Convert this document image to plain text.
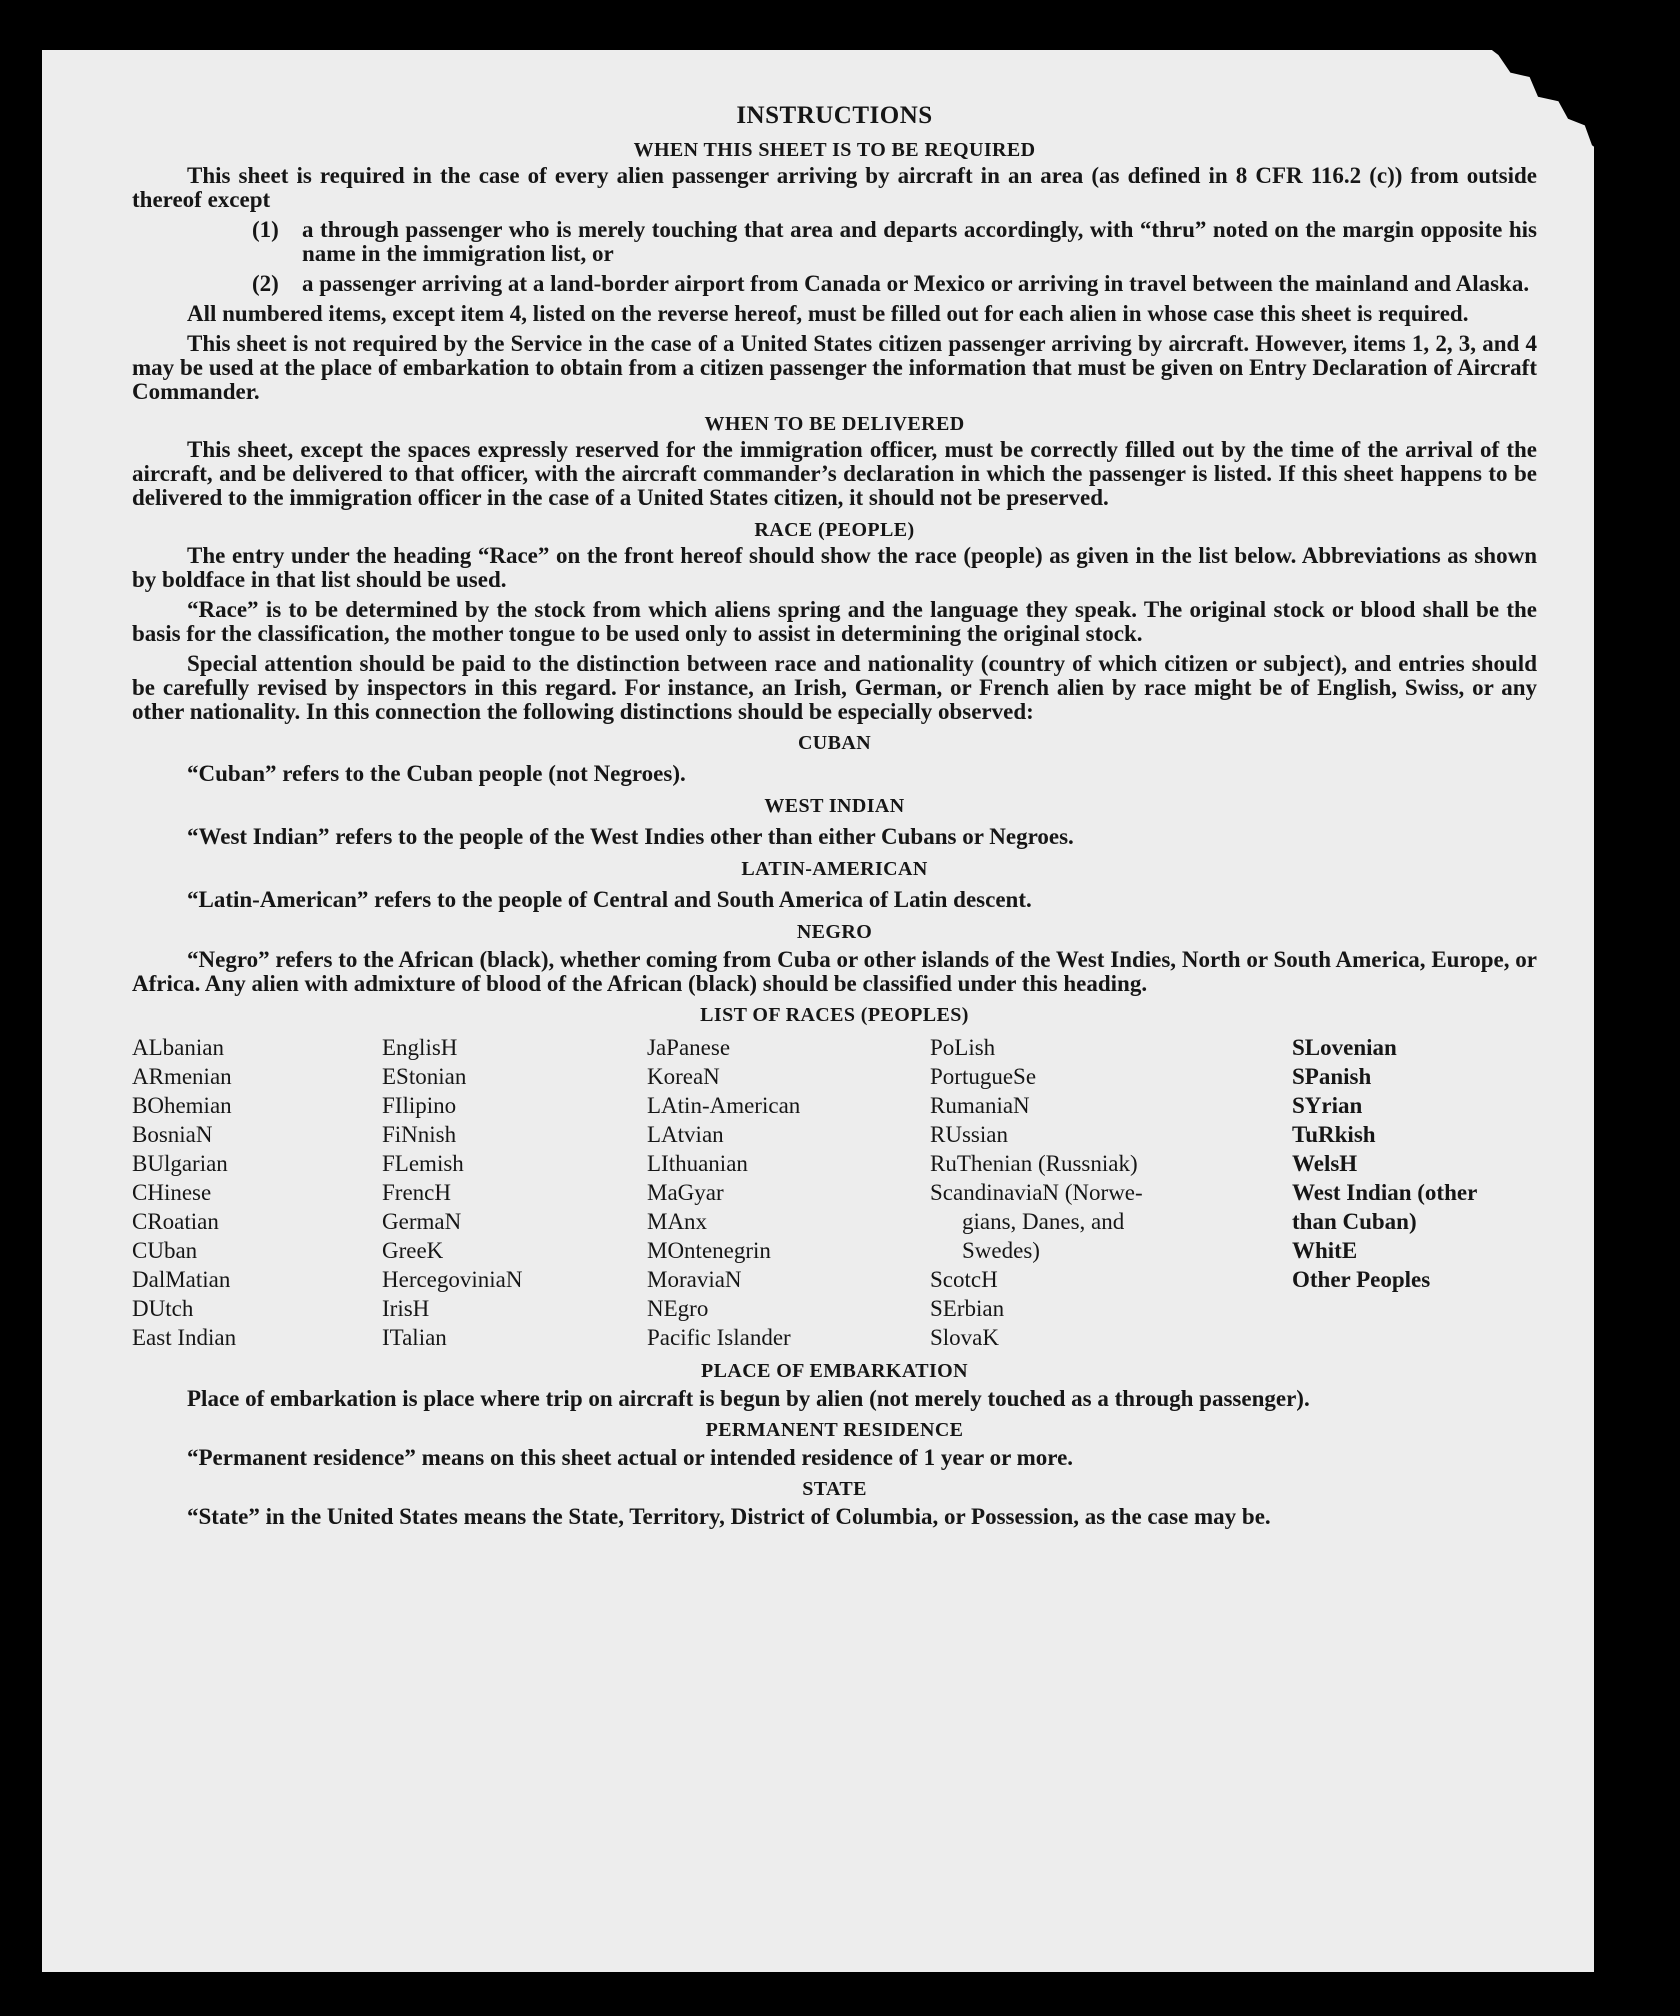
INSTRUCTIONS
WHEN THIS SHEET IS TO BE REQUIRED

This sheet is required in the case of every alien passenger arriving by aircraft in an area (as defined in 8 CFR 116.2 (c)) from outside thereof except

(1)	a through passenger who is merely touching that area and departs accordingly, with “thru” noted on the margin opposite his name in the immigration list, or
(2)	a passenger arriving at a land-border airport from Canada or Mexico or arriving in travel between the mainland and Alaska.

All numbered items, except item 4, listed on the reverse hereof, must be filled out for each alien in whose case this sheet is required.

This sheet is not required by the Service in the case of a United States citizen passenger arriving by aircraft. However, items 1, 2, 3, and 4 may be used at the place of embarkation to obtain from a citizen passenger the information that must be given on Entry Declaration of Aircraft Commander.

WHEN TO BE DELIVERED

This sheet, except the spaces expressly reserved for the immigration officer, must be correctly filled out by the time of the arrival of the aircraft, and be delivered to that officer, with the aircraft commander’s declaration in which the passenger is listed. If this sheet happens to be delivered to the immigration officer in the case of a United States citizen, it should not be preserved.

RACE (PEOPLE)

The entry under the heading “Race” on the front hereof should show the race (people) as given in the list below. Abbreviations as shown by boldface in that list should be used.

“Race” is to be determined by the stock from which aliens spring and the language they speak. The original stock or blood shall be the basis for the classification, the mother tongue to be used only to assist in determining the original stock.

Special attention should be paid to the distinction between race and nationality (country of which citizen or subject), and entries should be carefully revised by inspectors in this regard. For instance, an Irish, German, or French alien by race might be of English, Swiss, or any other nationality. In this connection the following distinctions should be especially observed:

CUBAN
“Cuban” refers to the Cuban people (not Negroes).
WEST INDIAN
“West Indian” refers to the people of the West Indies other than either Cubans or Negroes.
LATIN-AMERICAN
“Latin-American” refers to the people of Central and South America of Latin descent.
NEGRO

“Negro” refers to the African (black), whether coming from Cuba or other islands of the West Indies, North or South America, Europe, or Africa. Any alien with admixture of blood of the African (black) should be classified under this heading.

LIST OF RACES (PEOPLES)
ALbanian
ARmenian
BOhemian
BosniaN
BUlgarian
CHinese
CRoatian
CUban
DalMatian
DUtch
East Indian
EnglisH
EStonian
FIlipino
FiNnish
FLemish
FrencH
GermaN
GreeK
HercegoviniaN
IrisH
ITalian
JaPanese
KoreaN
LAtin-American
LAtvian
LIthuanian
MaGyar
MAnx
MOntenegrin
MoraviaN
NEgro
Pacific Islander
PoLish
PortugueSe
RumaniaN
RUssian
RuThenian (Russniak)
ScandinaviaN (Norwe-
gians, Danes, and
Swedes)
ScotcH
SErbian
SlovaK
SLovenian
SPanish
SYrian
TuRkish
WelsH
West Indian (other
than Cuban)
WhitE
Other Peoples
PLACE OF EMBARKATION

Place of embarkation is place where trip on aircraft is begun by alien (not merely touched as a through passenger).

PERMANENT RESIDENCE

“Permanent residence” means on this sheet actual or intended residence of 1 year or more.

STATE

“State” in the United States means the State, Territory, District of Columbia, or Possession, as the case may be.
